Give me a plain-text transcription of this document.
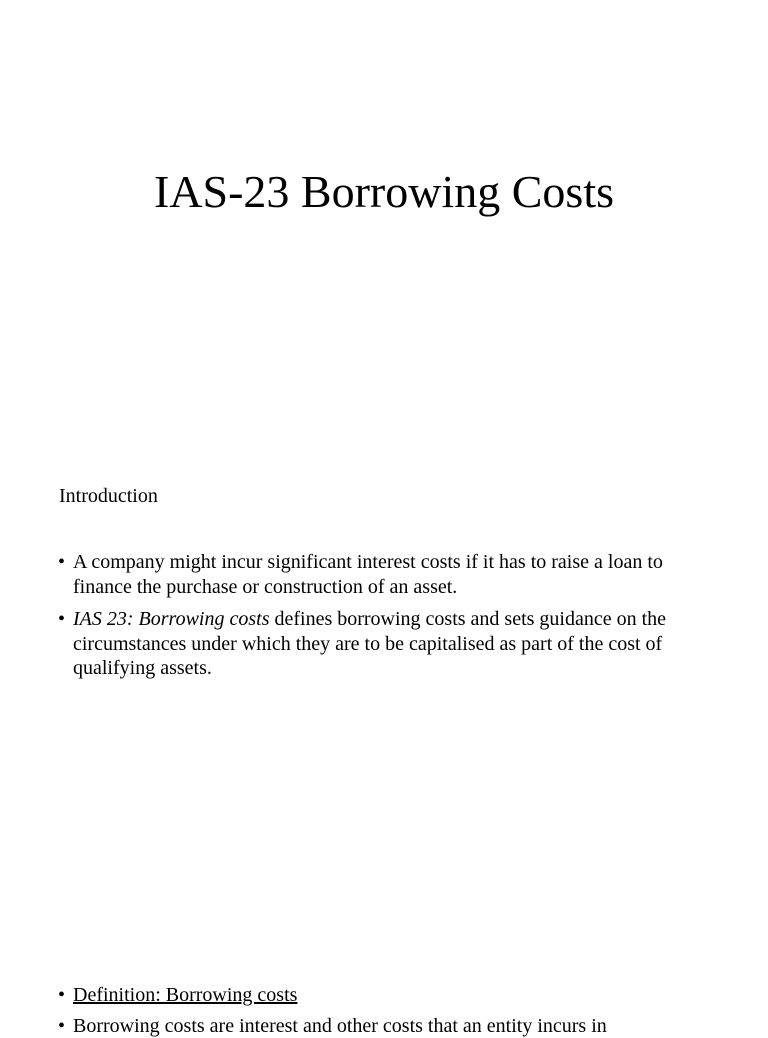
IAS-23 Borrowing Costs
Introduction
• A company might incur significant interest costs if it has to raise a loan to finance the purchase or construction of an asset.
• IAS 23: Borrowing costs defines borrowing costs and sets guidance on the circumstances under which they are to be capitalised as part of the cost of qualifying assets.
• Definition: Borrowing costs
• Borrowing costs are interest and other costs that an entity incurs in
